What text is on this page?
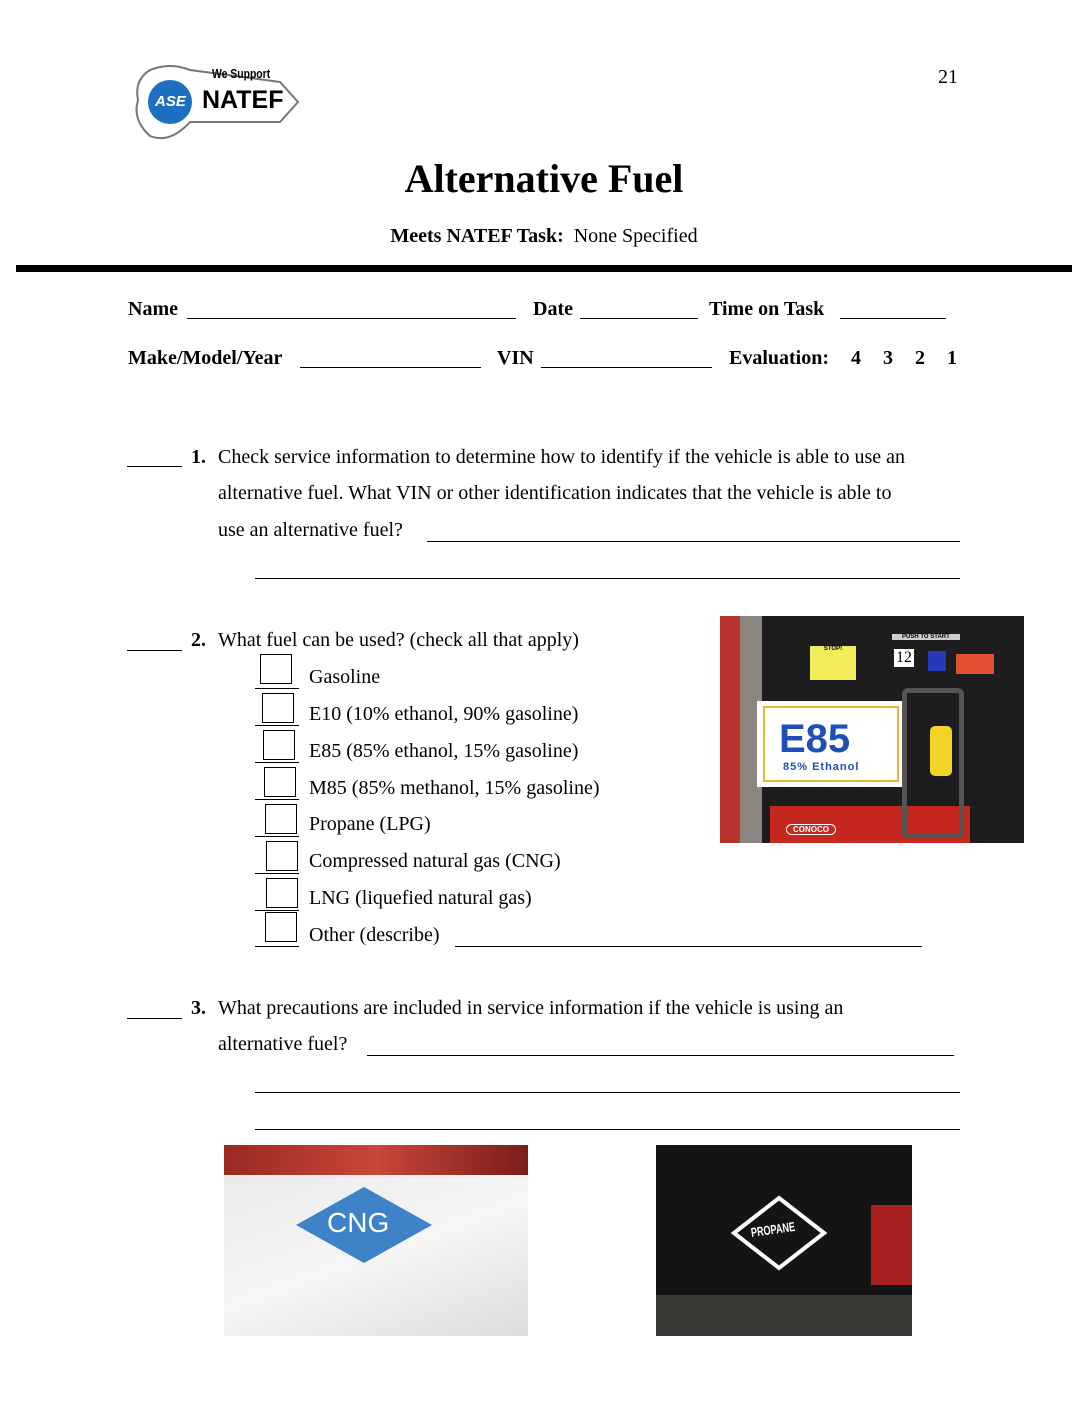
ASE
We Support
NATEF
21
Alternative Fuel
Meets NATEF Task: None Specified
Name	Date	Time on Task
Make/Model/Year	VIN	Evaluation: 4 3 2 1
1. Check service information to determine how to identify if the vehicle is able to use an
alternative fuel. What VIN or other identification indicates that the vehicle is able to
use an alternative fuel?
2. What fuel can be used? (check all that apply)
Gasoline
E10 (10% ethanol, 90% gasoline)
E85 (85% ethanol, 15% gasoline)
M85 (85% methanol, 15% gasoline)
Propane (LPG)
Compressed natural gas (CNG)
LNG (liquefied natural gas)
Other (describe)
PUSH TO START
STOP!	12
E85
85% Ethanol
CONOCO
3. What precautions are included in service information if the vehicle is using an
alternative fuel?
CNG	PROPANE
